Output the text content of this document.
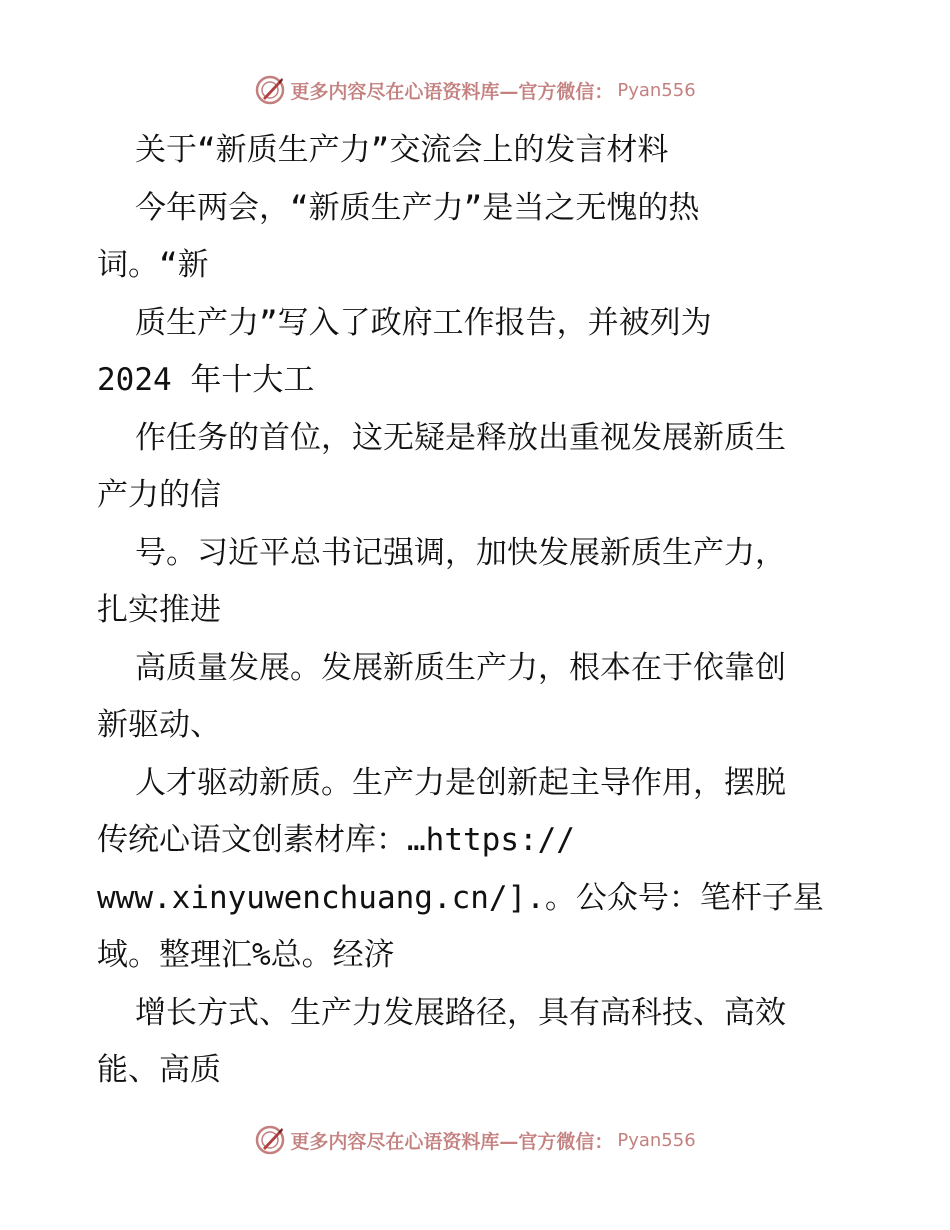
更多内容尽在心语资料库—官方微信： Pyan556
关于“新质生产力”交流会上的发言材料
今年两会，“新质生产力”是当之无愧的热
词。“新
质生产力”写入了政府工作报告，并被列为
2024 年十大工
作任务的首位，这无疑是释放出重视发展新质生
产力的信
号。习近平总书记强调，加快发展新质生产力，
扎实推进
高质量发展。发展新质生产力，根本在于依靠创
新驱动、
人才驱动新质。生产力是创新起主导作用，摆脱
传统心语文创素材库：…https://
www.xinyuwenchuang.cn/].。公众号：笔杆子星
域。整理汇%总。经济
增长方式、生产力发展路径，具有高科技、高效
能、高质
更多内容尽在心语资料库—官方微信： Pyan556
